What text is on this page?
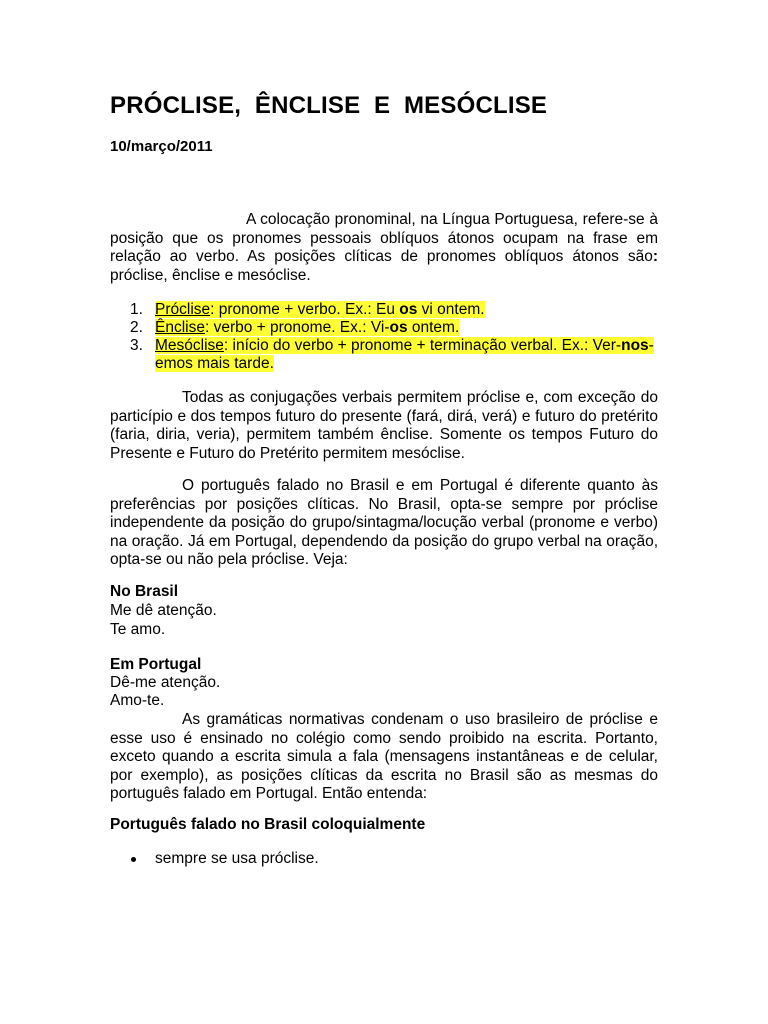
PRÓCLISE,  ÊNCLISE  E  MESÓCLISE
10/março/2011

A colocação pronominal, na Língua Portuguesa, refere-se à posição que os pronomes pessoais oblíquos átonos ocupam na frase em relação ao verbo. As posições clíticas de pronomes oblíquos átonos são: próclise, ênclise e mesóclise.

1. Próclise: pronome + verbo. Ex.: Eu os vi ontem.
2. Ênclise: verbo + pronome. Ex.: Vi-os ontem.
3. Mesóclise: início do verbo + pronome + terminação verbal. Ex.: Ver-nos-emos mais tarde.

Todas as conjugações verbais permitem próclise e, com exceção do particípio e dos tempos futuro do presente (fará, dirá, verá) e futuro do pretérito (faria, diria, veria), permitem também ênclise. Somente os tempos Futuro do Presente e Futuro do Pretérito permitem mesóclise.

O português falado no Brasil e em Portugal é diferente quanto às preferências por posições clíticas. No Brasil, opta-se sempre por próclise independente da posição do grupo/sintagma/locução verbal (pronome e verbo) na oração. Já em Portugal, dependendo da posição do grupo verbal na oração, opta-se ou não pela próclise. Veja:

No Brasil
Me dê atenção.
Te amo.
Em Portugal
Dê-me atenção.
Amo-te.

As gramáticas normativas condenam o uso brasileiro de próclise e esse uso é ensinado no colégio como sendo proibido na escrita. Portanto, exceto quando a escrita simula a fala (mensagens instantâneas e de celular, por exemplo), as posições clíticas da escrita no Brasil são as mesmas do português falado em Portugal. Então entenda:

Português falado no Brasil coloquialmente
sempre se usa próclise.
